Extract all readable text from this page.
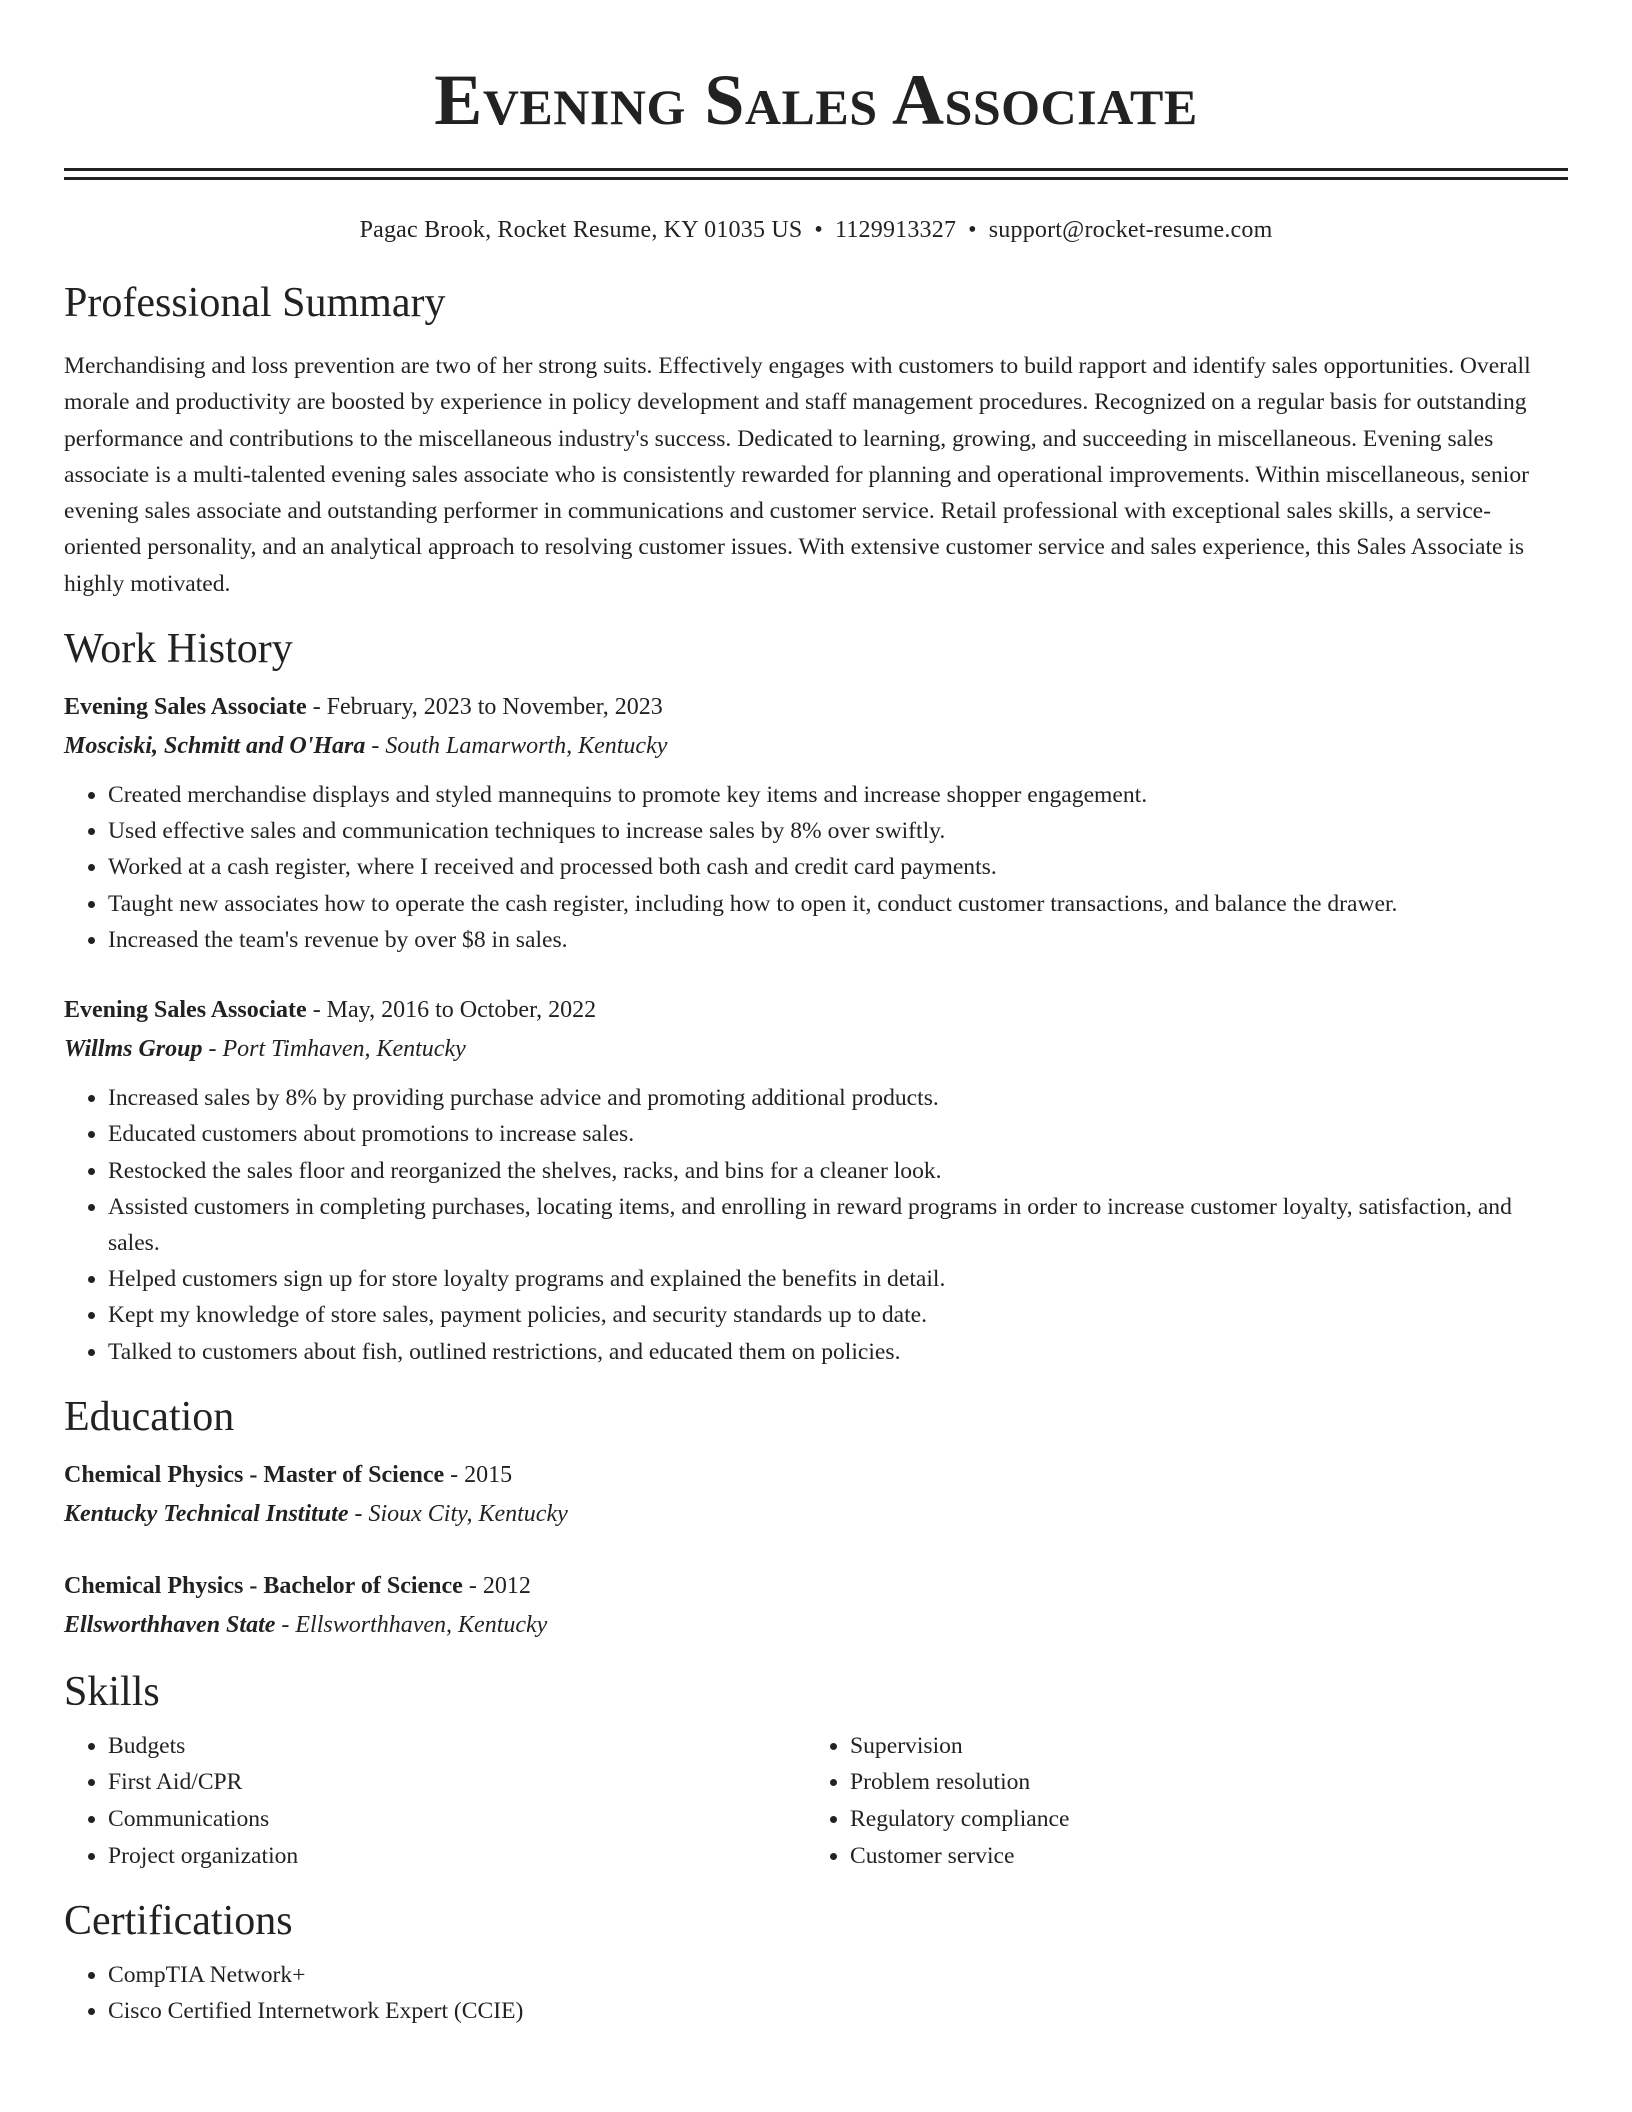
Evening Sales Associate
Pagac Brook, Rocket Resume, KY 01035 US • 1129913327 • support@rocket-resume.com
Professional Summary
Merchandising and loss prevention are two of her strong suits. Effectively engages with customers to build rapport and identify sales opportunities. Overall morale and productivity are boosted by experience in policy development and staff management procedures. Recognized on a regular basis for outstanding performance and contributions to the miscellaneous industry's success. Dedicated to learning, growing, and succeeding in miscellaneous. Evening sales associate is a multi-talented evening sales associate who is consistently rewarded for planning and operational improvements. Within miscellaneous, senior evening sales associate and outstanding performer in communications and customer service. Retail professional with exceptional sales skills, a service-oriented personality, and an analytical approach to resolving customer issues. With extensive customer service and sales experience, this Sales Associate is highly motivated.
Work History
Evening Sales Associate - February, 2023 to November, 2023
Mosciski, Schmitt and O'Hara - South Lamarworth, Kentucky
• Created merchandise displays and styled mannequins to promote key items and increase shopper engagement.
• Used effective sales and communication techniques to increase sales by 8% over swiftly.
• Worked at a cash register, where I received and processed both cash and credit card payments.
• Taught new associates how to operate the cash register, including how to open it, conduct customer transactions, and balance the drawer.
• Increased the team's revenue by over $8 in sales.
Evening Sales Associate - May, 2016 to October, 2022
Willms Group - Port Timhaven, Kentucky
• Increased sales by 8% by providing purchase advice and promoting additional products.
• Educated customers about promotions to increase sales.
• Restocked the sales floor and reorganized the shelves, racks, and bins for a cleaner look.
• Assisted customers in completing purchases, locating items, and enrolling in reward programs in order to increase customer loyalty, satisfaction, and sales.
• Helped customers sign up for store loyalty programs and explained the benefits in detail.
• Kept my knowledge of store sales, payment policies, and security standards up to date.
• Talked to customers about fish, outlined restrictions, and educated them on policies.
Education
Chemical Physics - Master of Science - 2015
Kentucky Technical Institute - Sioux City, Kentucky
Chemical Physics - Bachelor of Science - 2012
Ellsworthhaven State - Ellsworthhaven, Kentucky
Skills
• Budgets
• First Aid/CPR
• Communications
• Project organization
• Supervision
• Problem resolution
• Regulatory compliance
• Customer service
Certifications
• CompTIA Network+
• Cisco Certified Internetwork Expert (CCIE)
